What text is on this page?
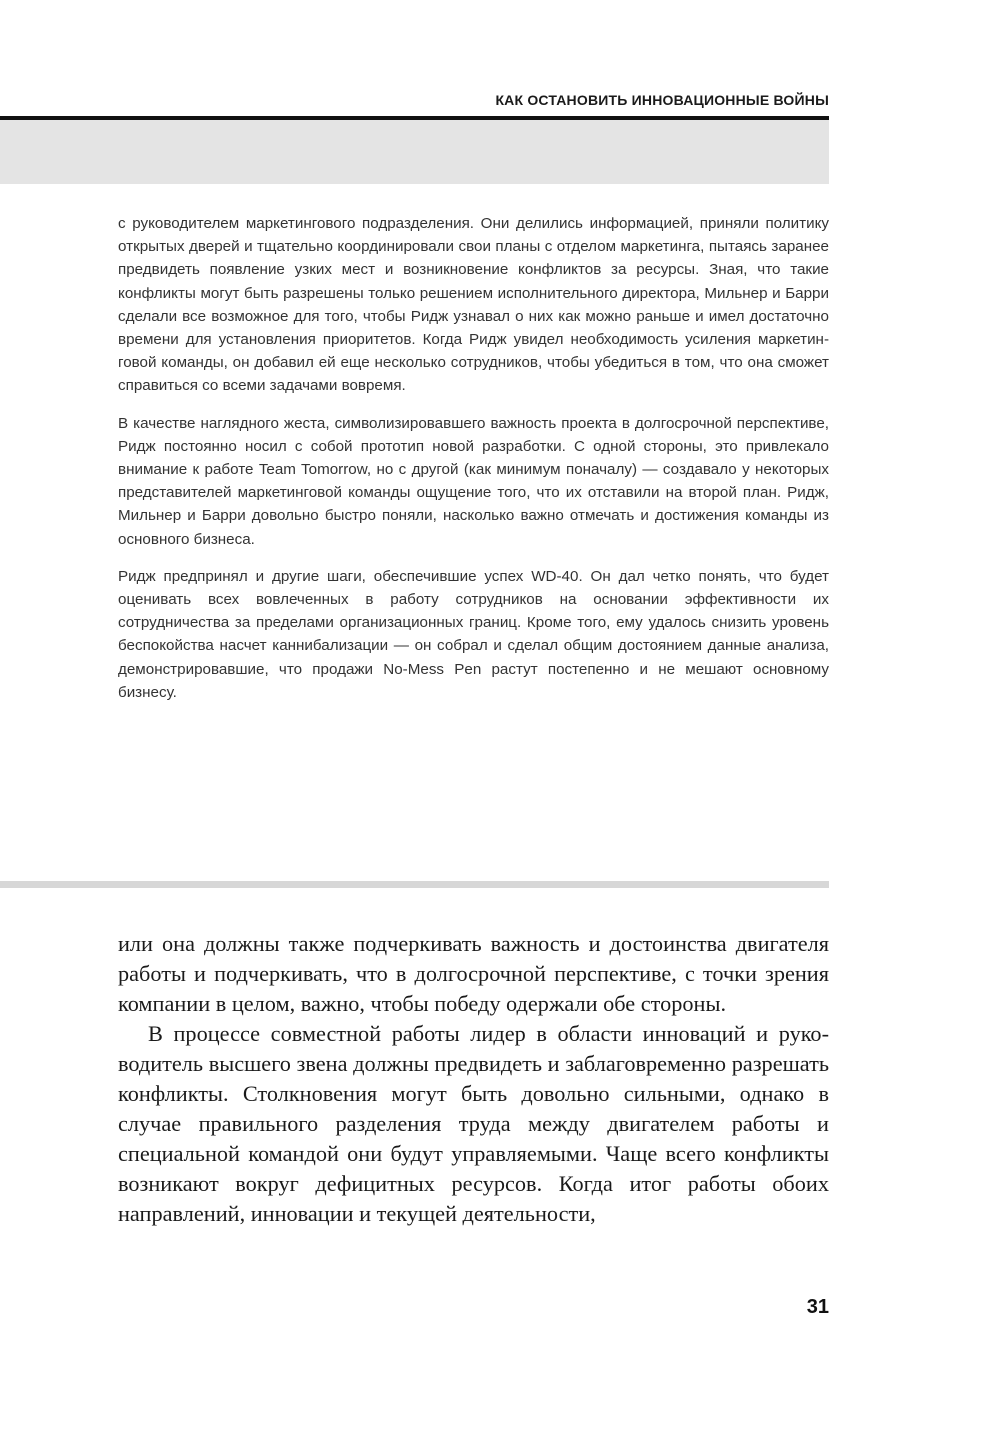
КАК ОСТАНОВИТЬ ИННОВАЦИОННЫЕ ВОЙНЫ

с руководителем маркетингового подразделения. Они делились информацией, приняли политику открытых дверей и тщательно координировали свои планы с отделом маркетинга, пытаясь заранее предвидеть появление узких мест и возникновение конфликтов за ресурсы. Зная, что такие конфликты могут быть разрешены только решением исполнительного директора, Мильнер и Барри сделали все возможное для того, чтобы Ридж узнавал о них как можно раньше и имел достаточно времени для установления приоритетов. Когда Ридж увидел необходимость усиления маркетинговой команды, он добавил ей еще несколько сотрудников, чтобы убедиться в том, что она сможет справиться со всеми задачами вовремя.

В качестве наглядного жеста, символизировавшего важность проекта в долгосрочной перспективе, Ридж постоянно носил с собой прототип новой разработки. С одной стороны, это привлекало внимание к работе Team Tomorrow, но с другой (как минимум поначалу) — создавало у некоторых представителей маркетинговой команды ощущение того, что их отставили на второй план. Ридж, Мильнер и Барри довольно быстро поняли, насколько важно отмечать и достижения команды из основного бизнеса.

Ридж предпринял и другие шаги, обеспечившие успех WD-40. Он дал четко понять, что будет оценивать всех вовлеченных в работу сотрудников на основании эффективности их сотрудничества за пределами организационных границ. Кроме того, ему удалось снизить уровень беспокойства насчет каннибализации — он собрал и сделал общим достоянием данные анализа, демонстрировавшие, что продажи No-Mess Pen растут постепенно и не мешают основному бизнесу.

или она должны также подчеркивать важность и достоинства двигателя работы и подчеркивать, что в долгосрочной перспективе, с точки зрения компании в целом, важно, чтобы победу одержали обе стороны.

В процессе совместной работы лидер в области инноваций и руководитель высшего звена должны предвидеть и заблаговременно разрешать конфликты. Столкновения могут быть довольно сильными, однако в случае правильного разделения труда между двигателем работы и специальной командой они будут управляемыми. Чаще всего конфликты возникают вокруг дефицитных ресурсов. Когда итог работы обоих направлений, инновации и текущей деятельности,

31
